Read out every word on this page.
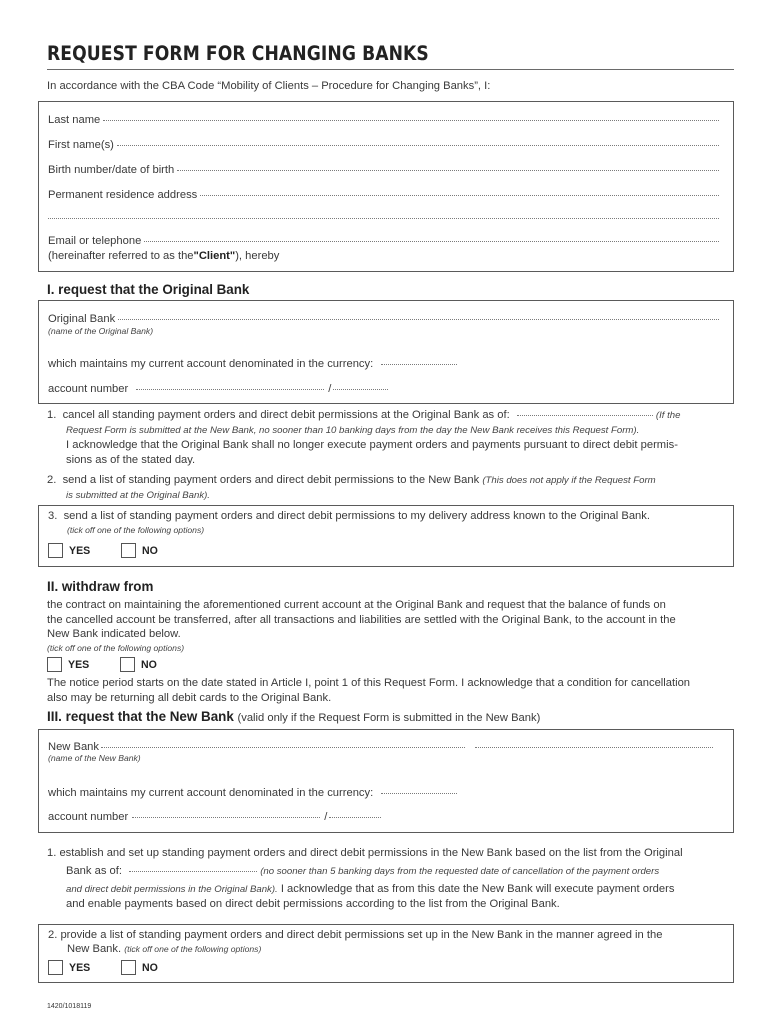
REQUEST FORM FOR CHANGING BANKS
In accordance with the CBA Code “Mobility of Clients – Procedure for Changing Banks”, I:
Last name
First name(s)
Birth number/date of birth
Permanent residence address
Email or telephone
(hereinafter referred to as the "Client" ), hereby
I. request that the Original Bank
Original Bank
(name of the Original Bank)
which maintains my current account denominated in the currency:
account number	/
1. cancel all standing payment orders and direct debit permissions at the Original Bank as of:	(If the
Request Form is submitted at the New Bank, no sooner than 10 banking days from the day the New Bank receives this Request Form).
I acknowledge that the Original Bank shall no longer execute payment orders and payments pursuant to direct debit permis-
sions as of the stated day.
2. send a list of standing payment orders and direct debit permissions to the New Bank (This does not apply if the Request Form
is submitted at the Original Bank).
3. send a list of standing payment orders and direct debit permissions to my delivery address known to the Original Bank.
(tick off one of the following options)
YES	NO
II. withdraw from
the contract on maintaining the aforementioned current account at the Original Bank and request that the balance of funds on
the cancelled account be transferred, after all transactions and liabilities are settled with the Original Bank, to the account in the
New Bank indicated below.
(tick off one of the following options)
YES	NO
The notice period starts on the date stated in Article I, point 1 of this Request Form. I acknowledge that a condition for cancellation
also may be returning all debit cards to the Original Bank.
III. request that the New Bank (valid only if the Request Form is submitted in the New Bank)
New Bank
(name of the New Bank)
which maintains my current account denominated in the currency:
account number	/
1. establish and set up standing payment orders and direct debit permissions in the New Bank based on the list from the Original
Bank as of:	(no sooner than 5 banking days from the requested date of cancellation of the payment orders
and direct debit permissions in the Original Bank). I acknowledge that as from this date the New Bank will execute payment orders
and enable payments based on direct debit permissions according to the list from the Original Bank.
2. provide a list of standing payment orders and direct debit permissions set up in the New Bank in the manner agreed in the
New Bank. (tick off one of the following options)
YES	NO
1420/1018119
